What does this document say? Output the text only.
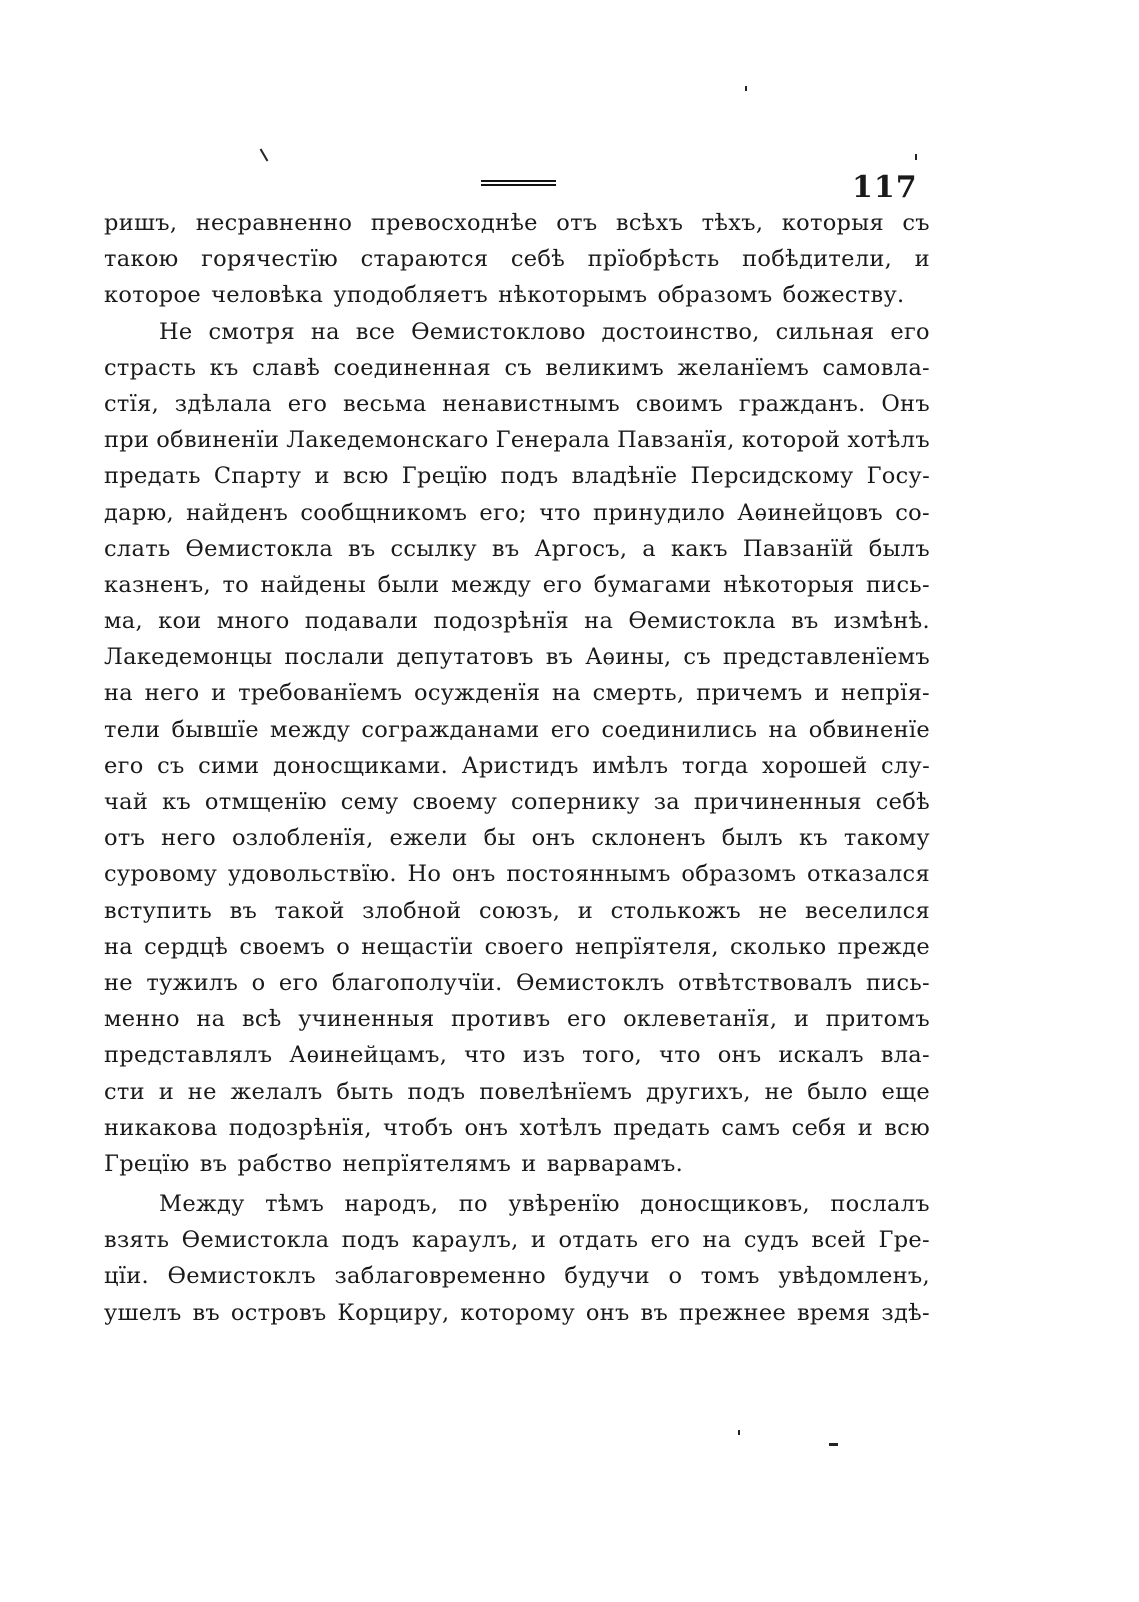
117
ришъ, несравненно превосходнѣе отъ всѣхъ тѣхъ, которыя съ
такою горячестїю стараются себѣ прїобрѣсть побѣдители, и
которое человѣка уподобляетъ нѣкоторымъ образомъ божеству.
Не смотря на все Ѳемистоклово достоинство, сильная его
страсть къ славѣ соединенная съ великимъ желанїемъ самовла-
стїя, здѣлала его весьма ненавистнымъ своимъ гражданъ. Онъ
при обвиненїи Лакедемонскаго Генерала Павзанїя, которой хотѣлъ
предать Спарту и всю Грецїю подъ владѣнїе Персидскому Госу-
дарю, найденъ сообщникомъ его; что принудило Аѳинейцовъ со-
слать Ѳемистокла въ ссылку въ Аргосъ, а какъ Павзанїй былъ
казненъ, то найдены были между его бумагами нѣкоторыя пись-
ма, кои много подавали подозрѣнїя на Ѳемистокла въ измѣнѣ.
Лакедемонцы послали депутатовъ въ Аѳины, съ представленїемъ
на него и требованїемъ осужденїя на смерть, причемъ и непрїя-
тели бывшїе между согражданами его соединились на обвиненїе
его съ сими доносщиками. Аристидъ имѣлъ тогда хорошей слу-
чай къ отмщенїю сему своему сопернику за причиненныя себѣ
отъ него озлобленїя, ежели бы онъ склоненъ былъ къ такому
суровому удовольствїю. Но онъ постояннымъ образомъ отказался
вступить въ такой злобной союзъ, и столькожъ не веселился
на сердцѣ своемъ о нещастїи своего непрїятеля, сколько прежде
не тужилъ о его благополучїи. Ѳемистоклъ отвѣтствовалъ пись-
менно на всѣ учиненныя противъ его оклеветанїя, и притомъ
представлялъ Аѳинейцамъ, что изъ того, что онъ искалъ вла-
сти и не желалъ быть подъ повелѣнїемъ другихъ, не было еще
никакова подозрѣнїя, чтобъ онъ хотѣлъ предать самъ себя и всю
Грецїю въ рабство непрїятелямъ и варварамъ.
Между тѣмъ народъ, по увѣренїю доносщиковъ, послалъ
взять Ѳемистокла подъ караулъ, и отдать его на судъ всей Гре-
цїи. Ѳемистоклъ заблаговременно будучи о томъ увѣдомленъ,
ушелъ въ островъ Корциру, которому онъ въ прежнее время здѣ-
